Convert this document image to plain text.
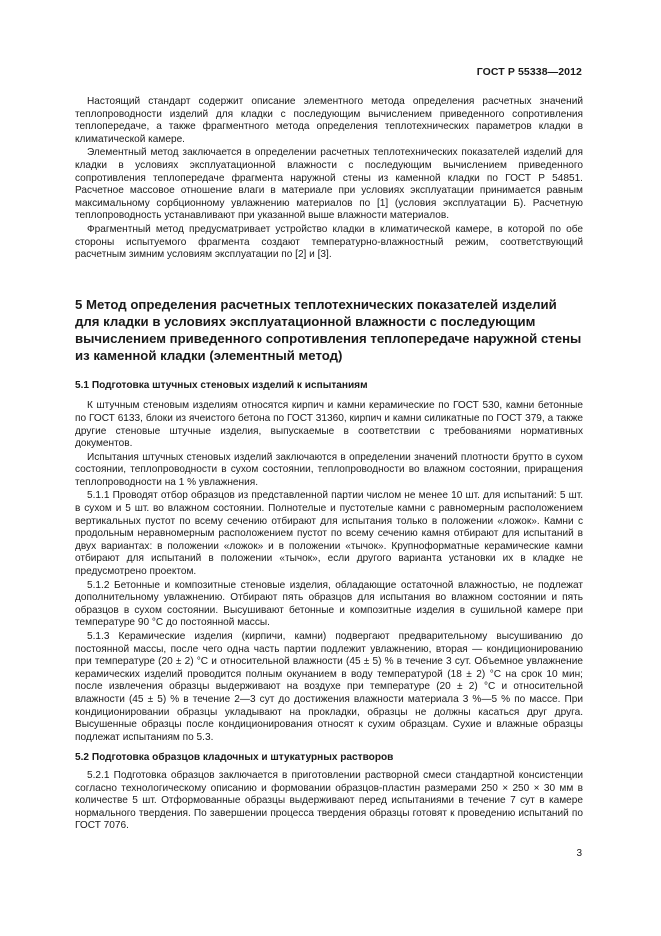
ГОСТ Р 55338—2012

Настоящий стандарт содержит описание элементного метода определения расчетных значений теплопроводности изделий для кладки с последующим вычислением приведенного сопротивления теплопередаче, а также фрагментного метода определения теплотехнических параметров кладки в климатической камере.

Элементный метод заключается в определении расчетных теплотехнических показателей изделий для кладки в условиях эксплуатационной влажности с последующим вычислением приведенного сопротивления теплопередаче фрагмента наружной стены из каменной кладки по ГОСТ Р 54851. Расчетное массовое отношение влаги в материале при условиях эксплуатации принимается равным максимальному сорбционному увлажнению материалов по [1] (условия эксплуатации Б). Расчетную теплопроводность устанавливают при указанной выше влажности материалов.

Фрагментный метод предусматривает устройство кладки в климатической камере, в которой по обе стороны испытуемого фрагмента создают температурно-влажностный режим, соответствующий расчетным зимним условиям эксплуатации по [2] и [3].

5 Метод определения расчетных теплотехнических показателей изделий для кладки в условиях эксплуатационной влажности с последующим вычислением приведенного сопротивления теплопередаче наружной стены из каменной кладки (элементный метод)
5.1 Подготовка штучных стеновых изделий к испытаниям

К штучным стеновым изделиям относятся кирпич и камни керамические по ГОСТ 530, камни бетонные по ГОСТ 6133, блоки из ячеистого бетона по ГОСТ 31360, кирпич и камни силикатные по ГОСТ 379, а также другие стеновые штучные изделия, выпускаемые в соответствии с требованиями нормативных документов.

Испытания штучных стеновых изделий заключаются в определении значений плотности брутто в сухом состоянии, теплопроводности в сухом состоянии, теплопроводности во влажном состоянии, приращения теплопроводности на 1 % увлажнения.

5.1.1 Проводят отбор образцов из представленной партии числом не менее 10 шт. для испытаний: 5 шт. в сухом и 5 шт. во влажном состоянии. Полнотелые и пустотелые камни с равномерным расположением вертикальных пустот по всему сечению отбирают для испытания только в положении «ложок». Камни с продольным неравномерным расположением пустот по всему сечению камня отбирают для испытаний в двух вариантах: в положении «ложок» и в положении «тычок». Крупноформатные керамические камни отбирают для испытаний в положении «тычок», если другого варианта установки их в кладке не предусмотрено проектом.

5.1.2 Бетонные и композитные стеновые изделия, обладающие остаточной влажностью, не подлежат дополнительному увлажнению. Отбирают пять образцов для испытания во влажном состоянии и пять образцов в сухом состоянии. Высушивают бетонные и композитные изделия в сушильной камере при температуре 90 °С до постоянной массы.

5.1.3 Керамические изделия (кирпичи, камни) подвергают предварительному высушиванию до постоянной массы, после чего одна часть партии подлежит увлажнению, вторая — кондиционированию при температуре (20 ± 2) °С и относительной влажности (45 ± 5) % в течение 3 сут. Объемное увлажнение керамических изделий проводится полным окунанием в воду температурой (18 ± 2) °С на срок 10 мин; после извлечения образцы выдерживают на воздухе при температуре (20 ± 2) °С и относительной влажности (45 ± 5) % в течение 2—3 сут до достижения влажности материала 3 %—5 % по массе. При кондиционировании образцы укладывают на прокладки, образцы не должны касаться друг друга. Высушенные образцы после кондиционирования относят к сухим образцам. Сухие и влажные образцы подлежат испытаниям по 5.3.

5.2 Подготовка образцов кладочных и штукатурных растворов

5.2.1 Подготовка образцов заключается в приготовлении растворной смеси стандартной консистенции согласно технологическому описанию и формовании образцов-пластин размерами 250 × 250 × 30 мм в количестве 5 шт. Отформованные образцы выдерживают перед испытаниями в течение 7 сут в камере нормального твердения. По завершении процесса твердения образцы готовят к проведению испытаний по ГОСТ 7076.

3
